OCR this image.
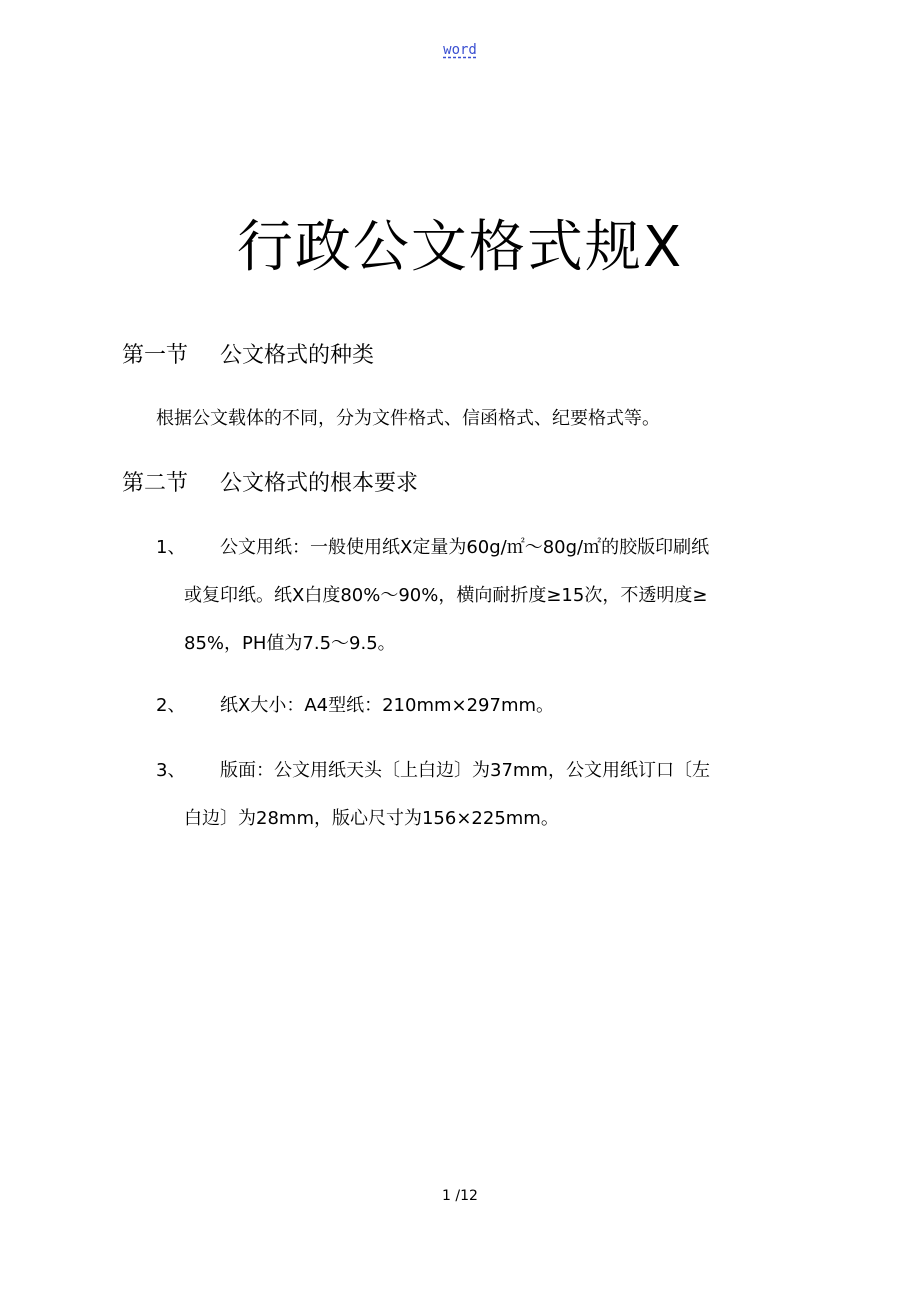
word
行政公文格式规X
第一节 公文格式的种类
根据公文载体的不同，分为文件格式、信函格式、纪要格式等。
第二节 公文格式的根本要求
1、	公文用纸：一般使用纸X定量为60g/㎡～80g/㎡的胶版印刷纸
或复印纸。纸X白度80%～90%，横向耐折度≥15次，不透明度≥
85%，PH值为7.5～9.5。
2、	纸X大小：A4型纸：210mm×297mm。
3、	版面：公文用纸天头〔上白边〕为37mm，公文用纸订口〔左
白边〕为28mm，版心尺寸为156×225mm。
1 /12
